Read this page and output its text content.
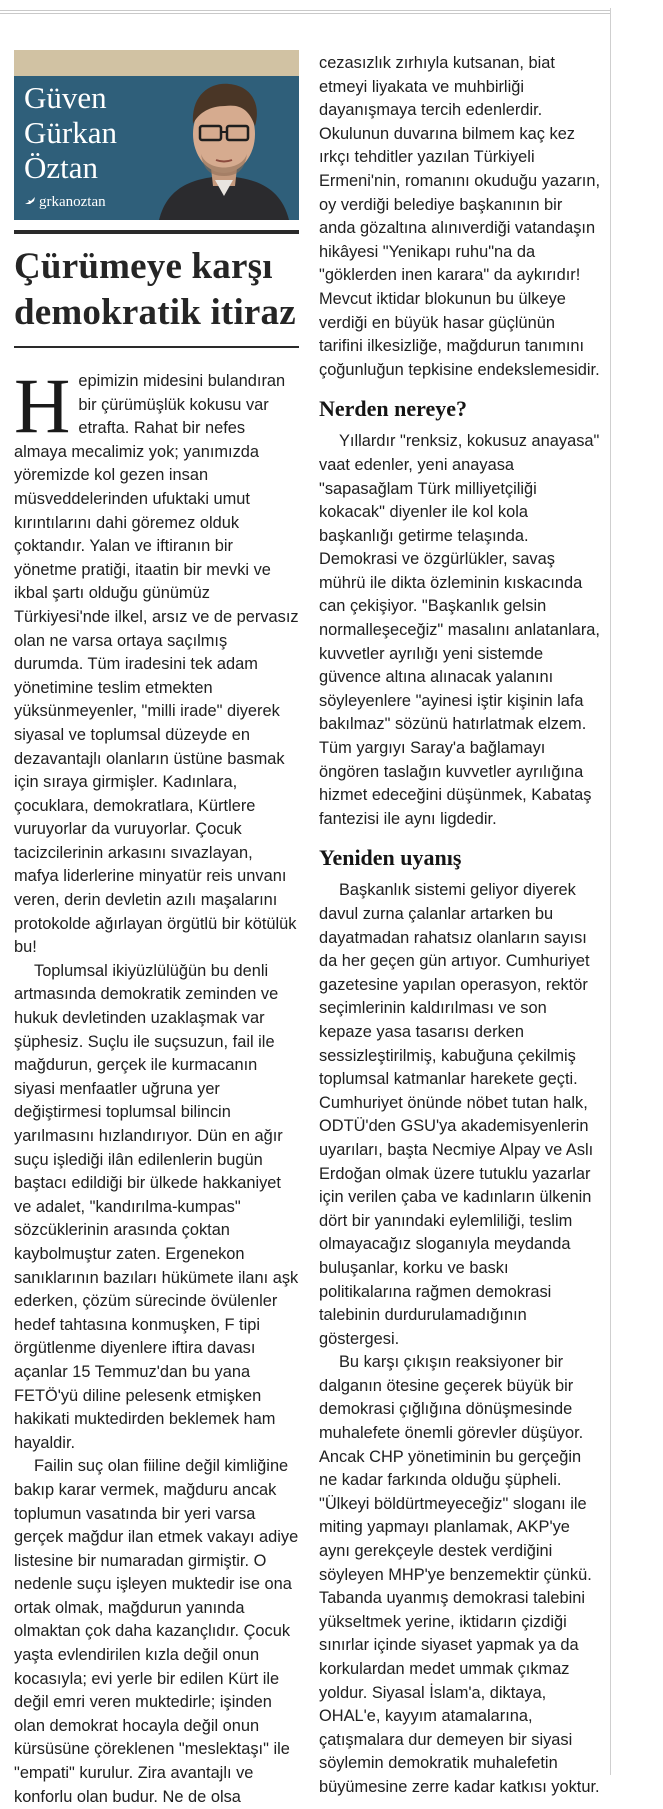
Güven
Gürkan
Öztan
grkanoztan
Çürümeye karşı
demokratik itiraz

Hepimizin midesini bulandıran bir çürümüşlük kokusu var etrafta. Rahat bir nefes almaya mecalimiz yok; yanımızda yöremizde kol gezen insan müsveddelerinden ufuktaki umut kırıntılarını dahi göremez olduk çoktandır. Yalan ve iftiranın bir yönetme pratiği, itaatin bir mevki ve ikbal şartı olduğu günümüz Türkiyesi'nde ilkel, arsız ve de pervasız olan ne varsa ortaya saçılmış durumda. Tüm iradesini tek adam yönetimine teslim etmekten yüksünmeyenler, "milli irade" diyerek siyasal ve toplumsal düzeyde en dezavantajlı olanların üstüne basmak için sıraya girmişler. Kadınlara, çocuklara, demokratlara, Kürtlere vuruyorlar da vuruyorlar. Çocuk tacizcilerinin arkasını sıvazlayan, mafya liderlerine minyatür reis unvanı veren, derin devletin azılı maşalarını protokolde ağırlayan örgütlü bir kötülük bu!

Toplumsal ikiyüzlülüğün bu denli artmasında demokratik zeminden ve hukuk devletinden uzaklaşmak var şüphesiz. Suçlu ile suçsuzun, fail ile mağdurun, gerçek ile kurmacanın siyasi menfaatler uğruna yer değiştirmesi toplumsal bilincin yarılmasını hızlandırıyor. Dün en ağır suçu işlediği ilân edilenlerin bugün baştacı edildiği bir ülkede hakkaniyet ve adalet, "kandırılma-kumpas" sözcüklerinin arasında çoktan kaybolmuştur zaten. Ergenekon sanıklarının bazıları hükümete ilanı aşk ederken, çözüm sürecinde övülenler hedef tahtasına konmuşken, F tipi örgütlenme diyenlere iftira davası açanlar 15 Temmuz'dan bu yana FETÖ'yü diline pelesenk etmişken hakikati muktedirden beklemek ham hayaldir.

Failin suç olan fiiline değil kimliğine bakıp karar vermek, mağduru ancak toplumun vasatında bir yeri varsa gerçek mağdur ilan etmek vakayı adiye listesine bir numaradan girmiştir. O nedenle suçu işleyen muktedir ise ona ortak olmak, mağdurun yanında olmaktan çok daha kazançlıdır. Çocuk yaşta evlendirilen kızla değil onun kocasıyla; evi yerle bir edilen Kürt ile değil emri veren muktedirle; işinden olan demokrat hocayla değil onun kürsüsüne çöreklenen "meslektaşı" ile "empati" kurulur. Zira avantajlı ve konforlu olan budur. Ne de olsa

cezasızlık zırhıyla kutsanan, biat etmeyi liyakata ve muhbirliği dayanışmaya tercih edenlerdir. Okulunun duvarına bilmem kaç kez ırkçı tehditler yazılan Türkiyeli Ermeni'nin, romanını okuduğu yazarın, oy verdiği belediye başkanının bir anda gözaltına alınıverdiği vatandaşın hikâyesi "Yenikapı ruhu"na da "göklerden inen karara" da aykırıdır! Mevcut iktidar blokunun bu ülkeye verdiği en büyük hasar güçlünün tarifini ilkesizliğe, mağdurun tanımını çoğunluğun tepkisine endekslemesidir.

Nerden nereye?

Yıllardır "renksiz, kokusuz anayasa" vaat edenler, yeni anayasa "sapasağlam Türk milliyetçiliği kokacak" diyenler ile kol kola başkanlığı getirme telaşında. Demokrasi ve özgürlükler, savaş mührü ile dikta özleminin kıskacında can çekişiyor. "Başkanlık gelsin normalleşeceğiz" masalını anlatanlara, kuvvetler ayrılığı yeni sistemde güvence altına alınacak yalanını söyleyenlere "ayinesi iştir kişinin lafa bakılmaz" sözünü hatırlatmak elzem. Tüm yargıyı Saray'a bağlamayı öngören taslağın kuvvetler ayrılığına hizmet edeceğini düşünmek, Kabataş fantezisi ile aynı ligdedir.

Yeniden uyanış

Başkanlık sistemi geliyor diyerek davul zurna çalanlar artarken bu dayatmadan rahatsız olanların sayısı da her geçen gün artıyor. Cumhuriyet gazetesine yapılan operasyon, rektör seçimlerinin kaldırılması ve son kepaze yasa tasarısı derken sessizleştirilmiş, kabuğuna çekilmiş toplumsal katmanlar harekete geçti. Cumhuriyet önünde nöbet tutan halk, ODTÜ'den GSU'ya akademisyenlerin uyarıları, başta Necmiye Alpay ve Aslı Erdoğan olmak üzere tutuklu yazarlar için verilen çaba ve kadınların ülkenin dört bir yanındaki eylemliliği, teslim olmayacağız sloganıyla meydanda buluşanlar, korku ve baskı politikalarına rağmen demokrasi talebinin durdurulamadığının göstergesi.

Bu karşı çıkışın reaksiyoner bir dalganın ötesine geçerek büyük bir demokrasi çığlığına dönüşmesinde muhalefete önemli görevler düşüyor. Ancak CHP yönetiminin bu gerçeğin ne kadar farkında olduğu şüpheli. "Ülkeyi böldürtmeyeceğiz" sloganı ile miting yapmayı planlamak, AKP'ye aynı gerekçeyle destek verdiğini söyleyen MHP'ye benzemektir çünkü. Tabanda uyanmış demokrasi talebini yükseltmek yerine, iktidarın çizdiği sınırlar içinde siyaset yapmak ya da korkulardan medet ummak çıkmaz yoldur. Siyasal İslam'a, diktaya, OHAL'e, kayyım atamalarına, çatışmalara dur demeyen bir siyasi söylemin demokratik muhalefetin büyümesine zerre kadar katkısı yoktur.
